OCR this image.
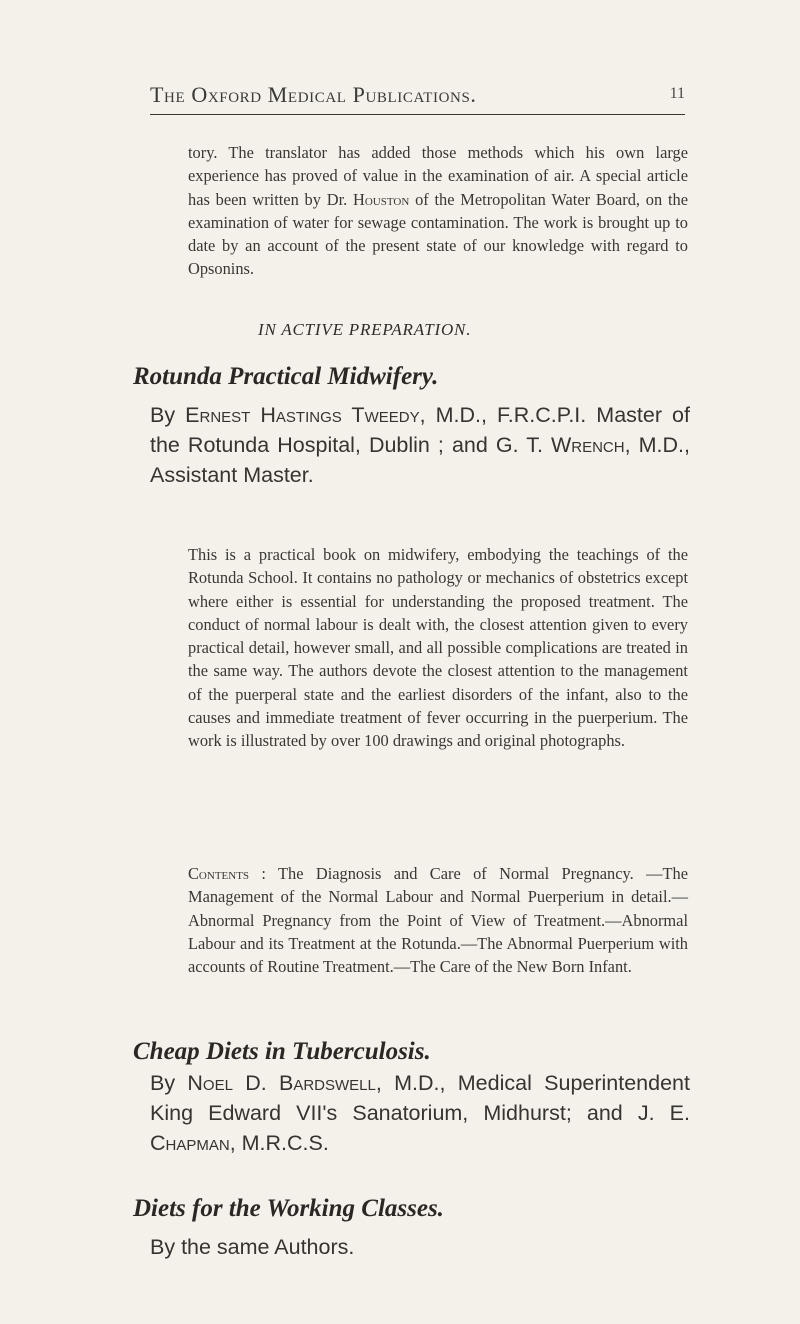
The Oxford Medical Publications.	11

tory. The translator has added those methods which his own large experience has proved of value in the examination of air. A special article has been written by Dr. Houston of the Metropolitan Water Board, on the examination of water for sewage contamination. The work is brought up to date by an account of the present state of our knowledge with regard to Opsonins.

IN ACTIVE PREPARATION.
Rotunda Practical Midwifery.

By Ernest Hastings Tweedy, M.D., F.R.C.P.I. Master of the Rotunda Hospital, Dublin ; and G. T. Wrench, M.D., Assistant Master.

This is a practical book on midwifery, embodying the teachings of the Rotunda School. It contains no pathology or mechanics of obstetrics except where either is essential for understanding the proposed treatment. The conduct of normal labour is dealt with, the closest attention given to every practical detail, however small, and all possible complications are treated in the same way. The authors devote the closest attention to the management of the puerperal state and the earliest disorders of the infant, also to the causes and immediate treatment of fever occurring in the puerperium. The work is illustrated by over 100 drawings and original photographs.

Contents : The Diagnosis and Care of Normal Pregnancy. —The Management of the Normal Labour and Normal Puerperium in detail.—Abnormal Pregnancy from the Point of View of Treatment.—Abnormal Labour and its Treatment at the Rotunda.—The Abnormal Puerperium with accounts of Routine Treatment.—The Care of the New Born Infant.

Cheap Diets in Tuberculosis.

By Noel D. Bardswell, M.D., Medical Superintendent King Edward VII's Sanatorium, Midhurst; and J. E. Chapman, M.R.C.S.

Diets for the Working Classes.

By the same Authors.
